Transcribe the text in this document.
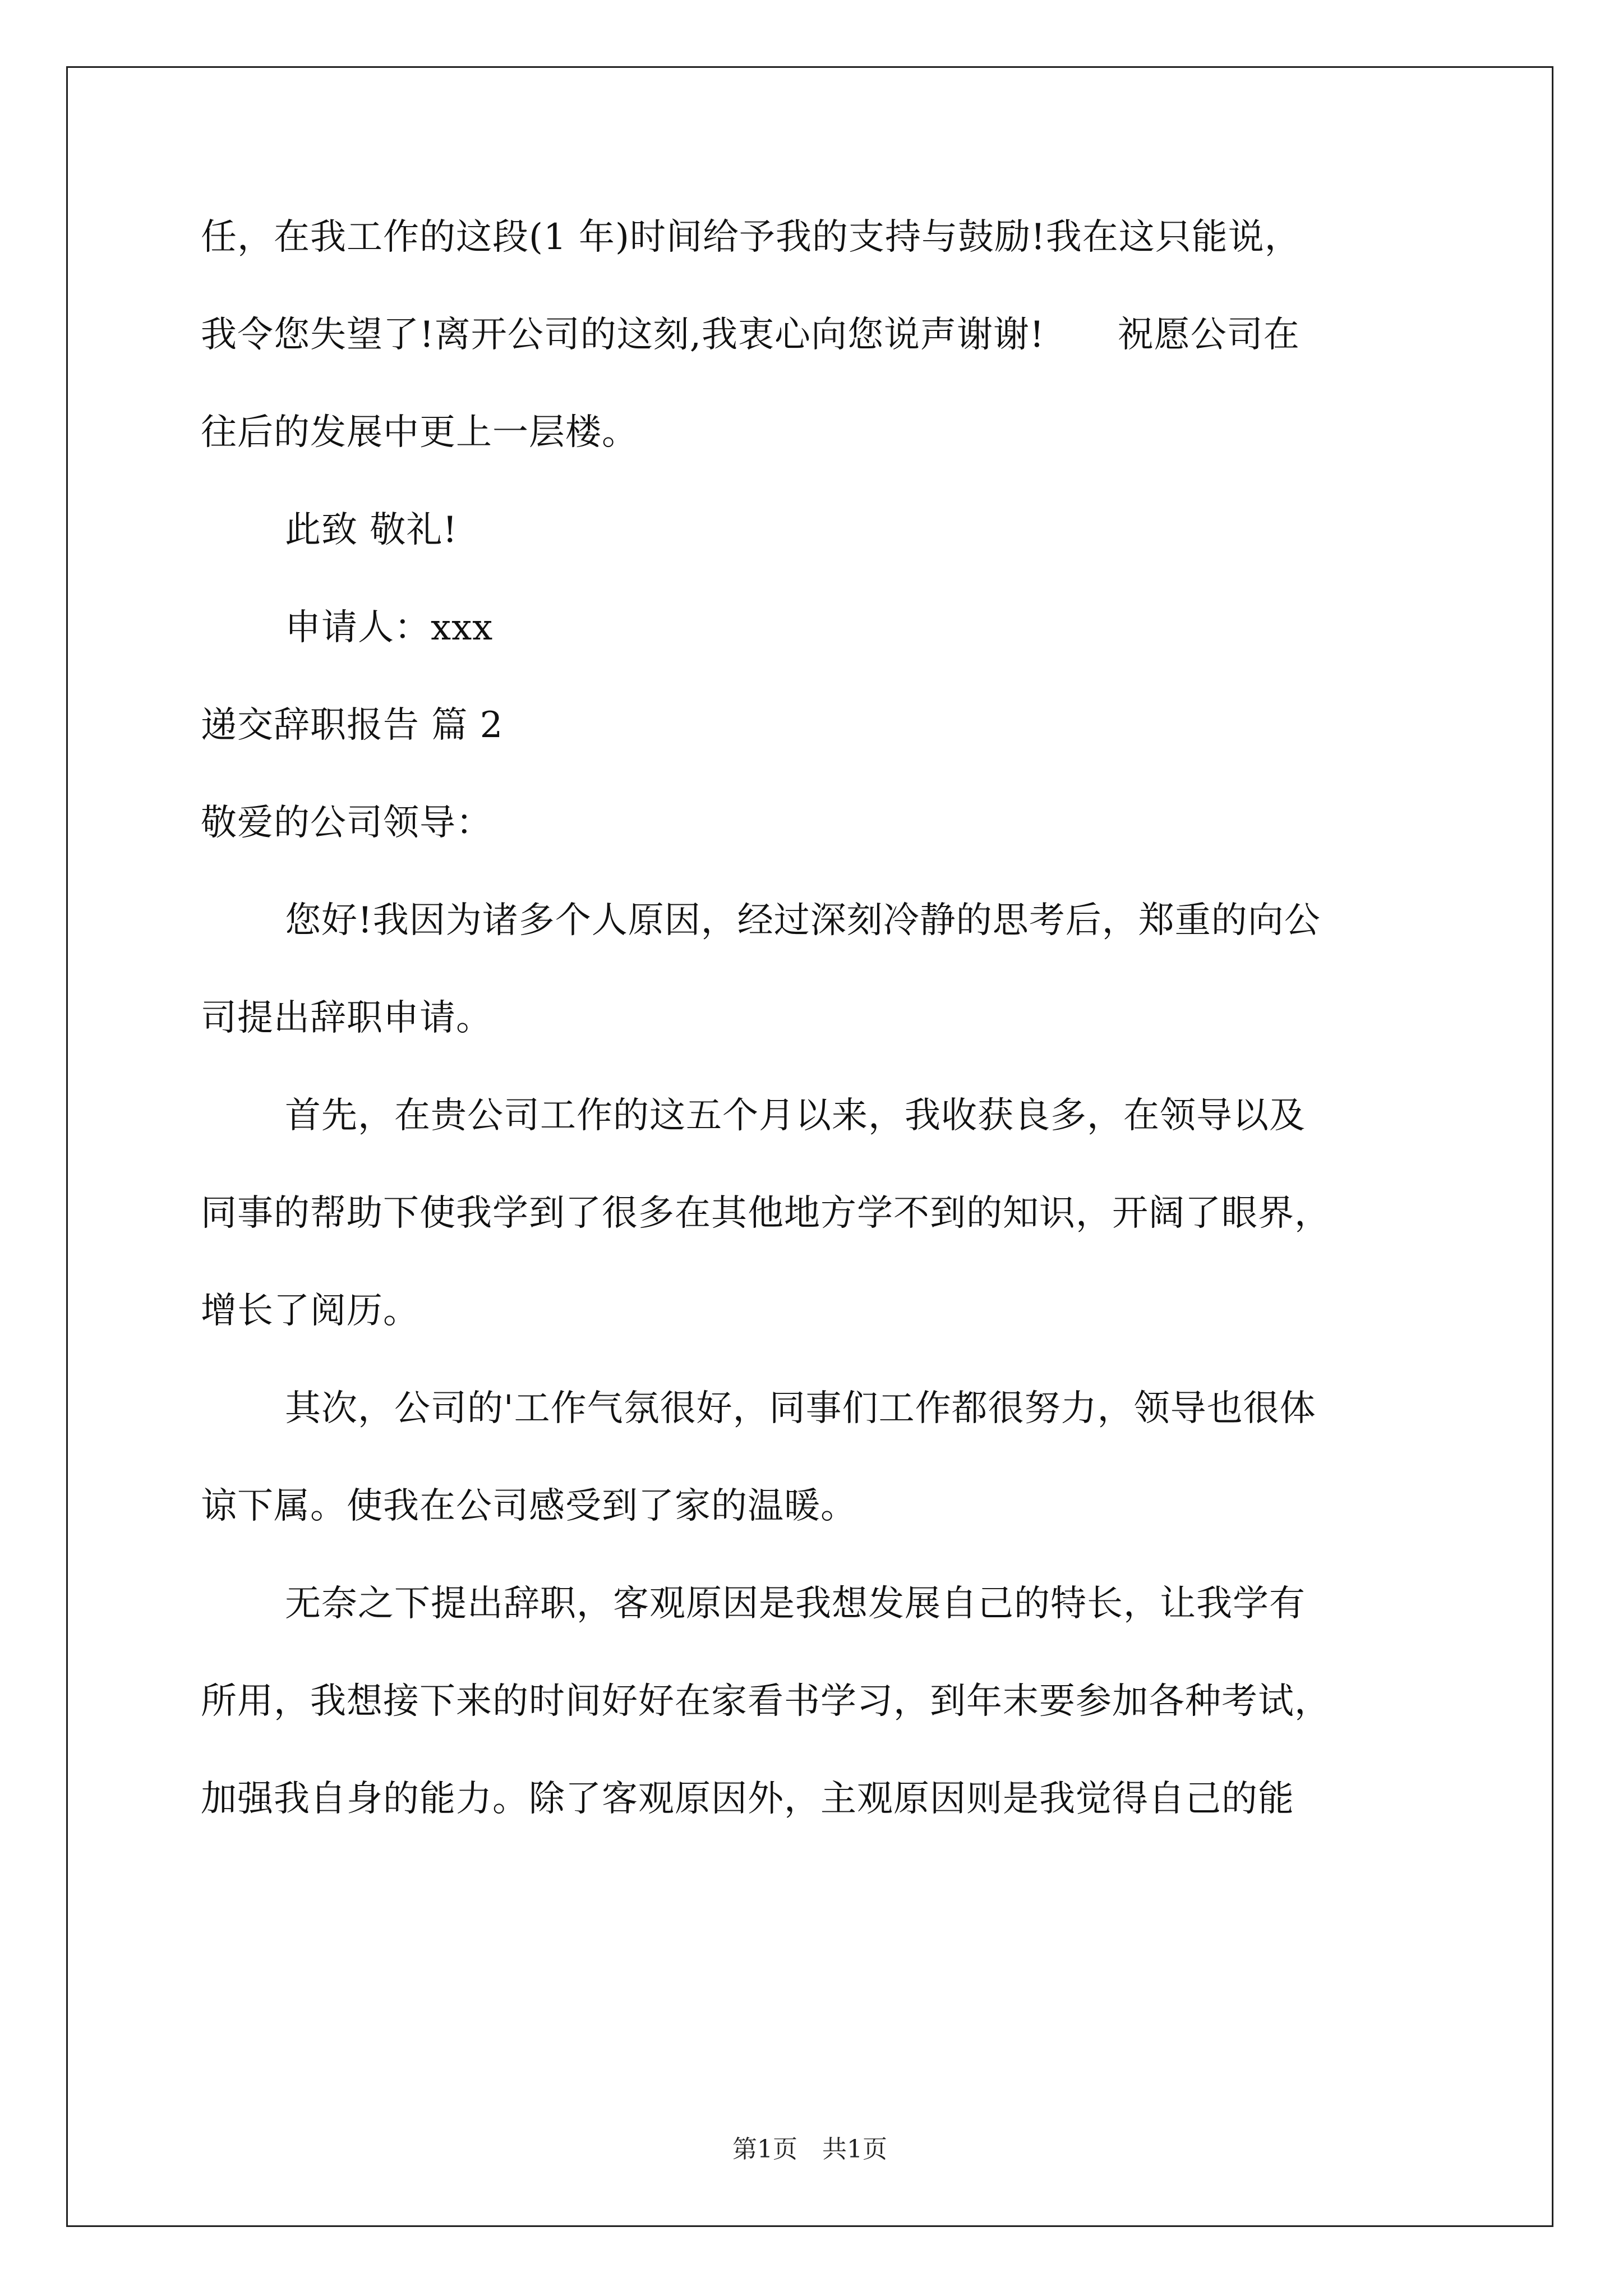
任，在我工作的这段(1 年)时间给予我的支持与鼓励!我在这只能说，
我令您失望了!离开公司的这刻,我衷心向您说声谢谢!　　祝愿公司在
往后的发展中更上一层楼。
此致 敬礼!
申请人：xxx
递交辞职报告 篇 2
敬爱的公司领导：
您好!我因为诸多个人原因，经过深刻冷静的思考后，郑重的向公
司提出辞职申请。
首先，在贵公司工作的这五个月以来，我收获良多，在领导以及
同事的帮助下使我学到了很多在其他地方学不到的知识，开阔了眼界，
增长了阅历。
其次，公司的'工作气氛很好，同事们工作都很努力，领导也很体
谅下属。使我在公司感受到了家的温暖。
无奈之下提出辞职，客观原因是我想发展自己的特长，让我学有
所用，我想接下来的时间好好在家看书学习，到年末要参加各种考试，
加强我自身的能力。除了客观原因外，主观原因则是我觉得自己的能
第1页　共1页
